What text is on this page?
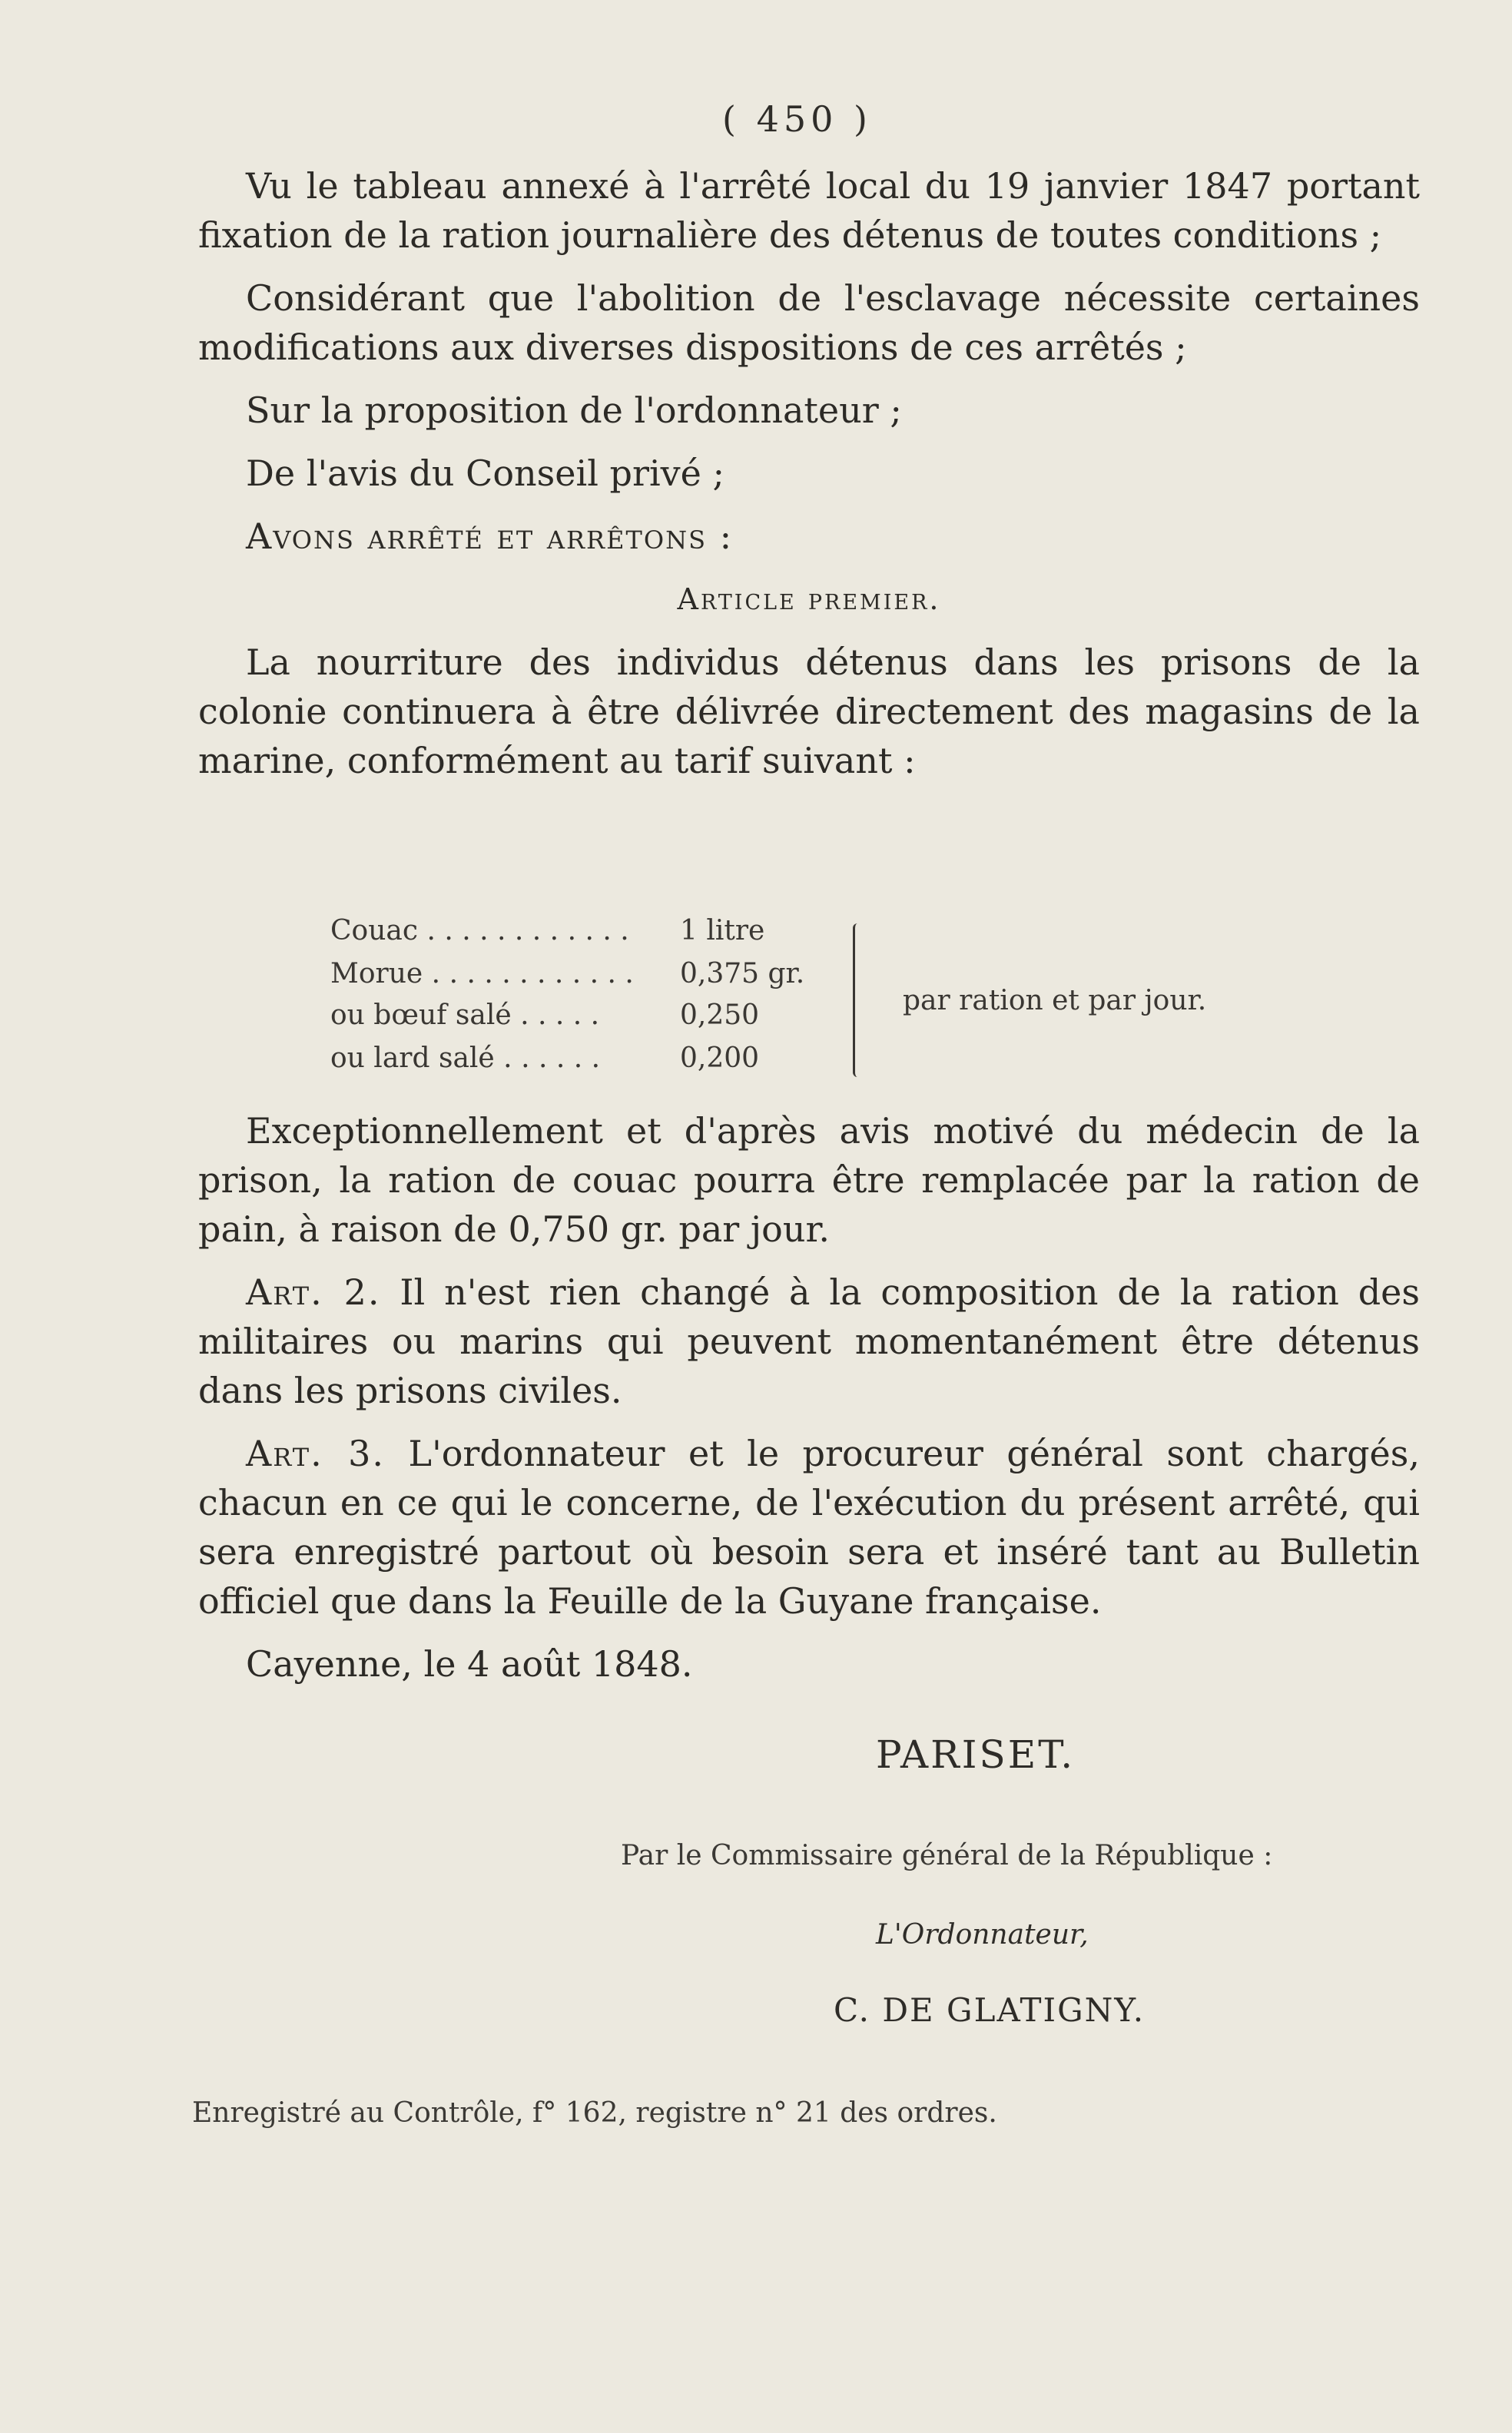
( 450 )

Vu le tableau annexé à l'arrêté local du 19 janvier 1847 portant fixation de la ration journalière des détenus de toutes conditions ;

Considérant que l'abolition de l'esclavage nécessite certaines modifications aux diverses dispositions de ces arrêtés ;

Sur la proposition de l'ordonnateur ;

De l'avis du Conseil privé ;

Avons arrêté et arrêtons :

Article premier.

La nourriture des individus détenus dans les prisons de la colonie continuera à être délivrée directement des magasins de la marine, conformément au tarif suivant :

Couac . . . . . . . . . . . .	1 litre
Morue . . . . . . . . . . . .	0,375 gr.
ou bœuf salé . . . . .	0,250
ou lard salé . . . . . .	0,200
par ration et par jour.

Exceptionnellement et d'après avis motivé du médecin de la prison, la ration de couac pourra être remplacée par la ration de pain, à raison de 0,750 gr. par jour.

Art. 2. Il n'est rien changé à la composition de la ration des militaires ou marins qui peuvent momentanément être détenus dans les prisons civiles.

Art. 3. L'ordonnateur et le procureur général sont chargés, chacun en ce qui le concerne, de l'exécution du présent arrêté, qui sera enregistré partout où besoin sera et inséré tant au Bulletin officiel que dans la Feuille de la Guyane française.

Cayenne, le 4 août 1848.

PARISET.
Par le Commissaire général de la République :
L'Ordonnateur,
C. DE GLATIGNY.
Enregistré au Contrôle, f° 162, registre n° 21 des ordres.
